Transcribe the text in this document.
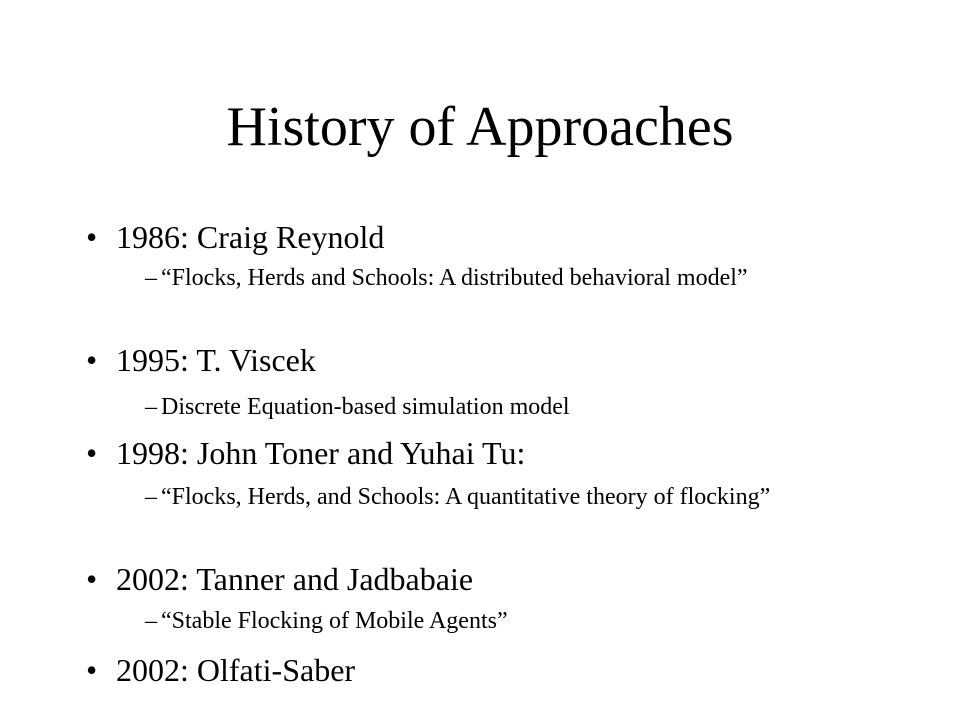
History of Approaches
• 1986: Craig Reynold
– “Flocks, Herds and Schools: A distributed behavioral model”
• 1995: T. Viscek
– Discrete Equation-based simulation model
• 1998: John Toner and Yuhai Tu:
– “Flocks, Herds, and Schools: A quantitative theory of flocking”
• 2002: Tanner and Jadbabaie
– “Stable Flocking of Mobile Agents”
• 2002: Olfati-Saber
